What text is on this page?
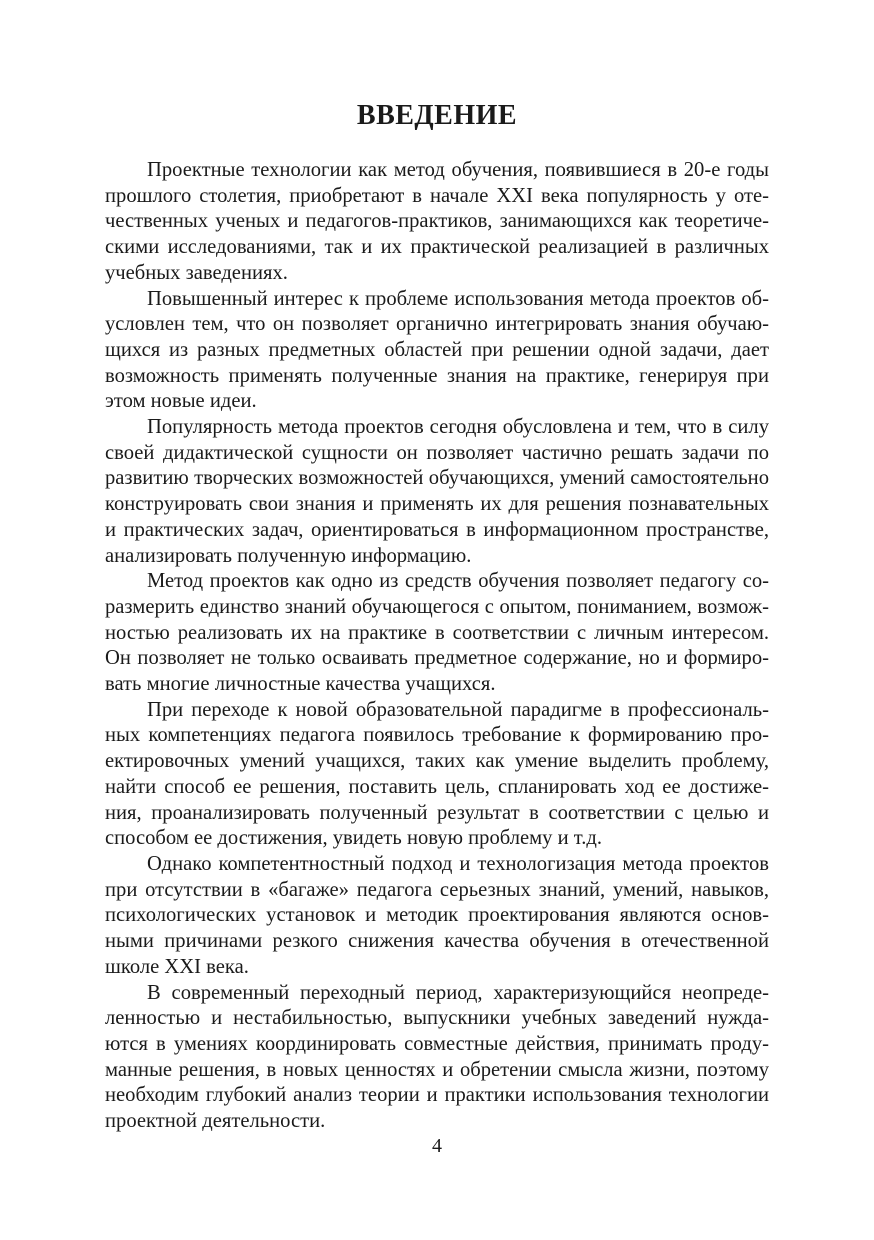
ВВЕДЕНИЕ

Проектные технологии как метод обучения, появившиеся в 20-е годы прошлого столетия, приобретают в начале XXI века популярность у отечественных ученых и педагогов-практиков, занимающихся как теоретическими исследованиями, так и их практической реализацией в различных учебных заведениях.

Повышенный интерес к проблеме использования метода проектов обусловлен тем, что он позволяет органично интегрировать знания обучающихся из разных предметных областей при решении одной задачи, дает возможность применять полученные знания на практике, генерируя при этом новые идеи.

Популярность метода проектов сегодня обусловлена и тем, что в силу своей дидактической сущности он позволяет частично решать задачи по развитию творческих возможностей обучающихся, умений самостоятельно конструировать свои знания и применять их для решения познавательных и практических задач, ориентироваться в информационном пространстве, анализировать полученную информацию.

Метод проектов как одно из средств обучения позволяет педагогу соразмерить единство знаний обучающегося с опытом, пониманием, возможностью реализовать их на практике в соответствии с личным интересом. Он позволяет не только осваивать предметное содержание, но и формировать многие личностные качества учащихся.

При переходе к новой образовательной парадигме в профессиональных компетенциях педагога появилось требование к формированию проектировочных умений учащихся, таких как умение выделить проблему, найти способ ее решения, поставить цель, спланировать ход ее достижения, проанализировать полученный результат в соответствии с целью и способом ее достижения, увидеть новую проблему и т.д.

Однако компетентностный подход и технологизация метода проектов при отсутствии в «багаже» педагога серьезных знаний, умений, навыков, психологических установок и методик проектирования являются основными причинами резкого снижения качества обучения в отечественной школе XXI века.

В современный переходный период, характеризующийся неопределенностью и нестабильностью, выпускники учебных заведений нуждаются в умениях координировать совместные действия, принимать продуманные решения, в новых ценностях и обретении смысла жизни, поэтому необходим глубокий анализ теории и практики использования технологии проектной деятельности.

4
